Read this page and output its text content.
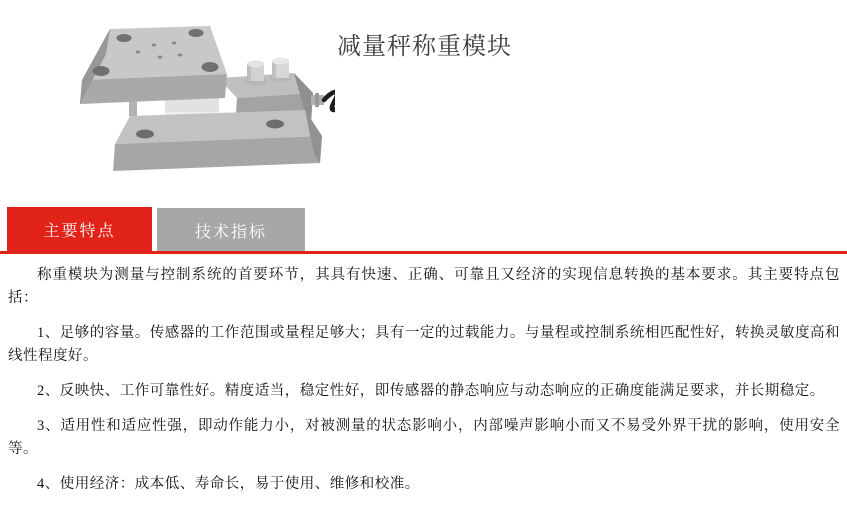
减量秤称重模块
主要特点	技术指标

称重模块为测量与控制系统的首要环节，其具有快速、正确、可靠且又经济的实现信息转换的基本要求。其主要特点包括：

1、足够的容量。传感器的工作范围或量程足够大；具有一定的过载能力。与量程或控制系统相匹配性好，转换灵敏度高和线性程度好。

2、反映快、工作可靠性好。精度适当，稳定性好，即传感器的静态响应与动态响应的正确度能满足要求，并长期稳定。

3、适用性和适应性强，即动作能力小，对被测量的状态影响小，内部噪声影响小而又不易受外界干扰的影响，使用安全等。

4、使用经济：成本低、寿命长，易于使用、维修和校准。
